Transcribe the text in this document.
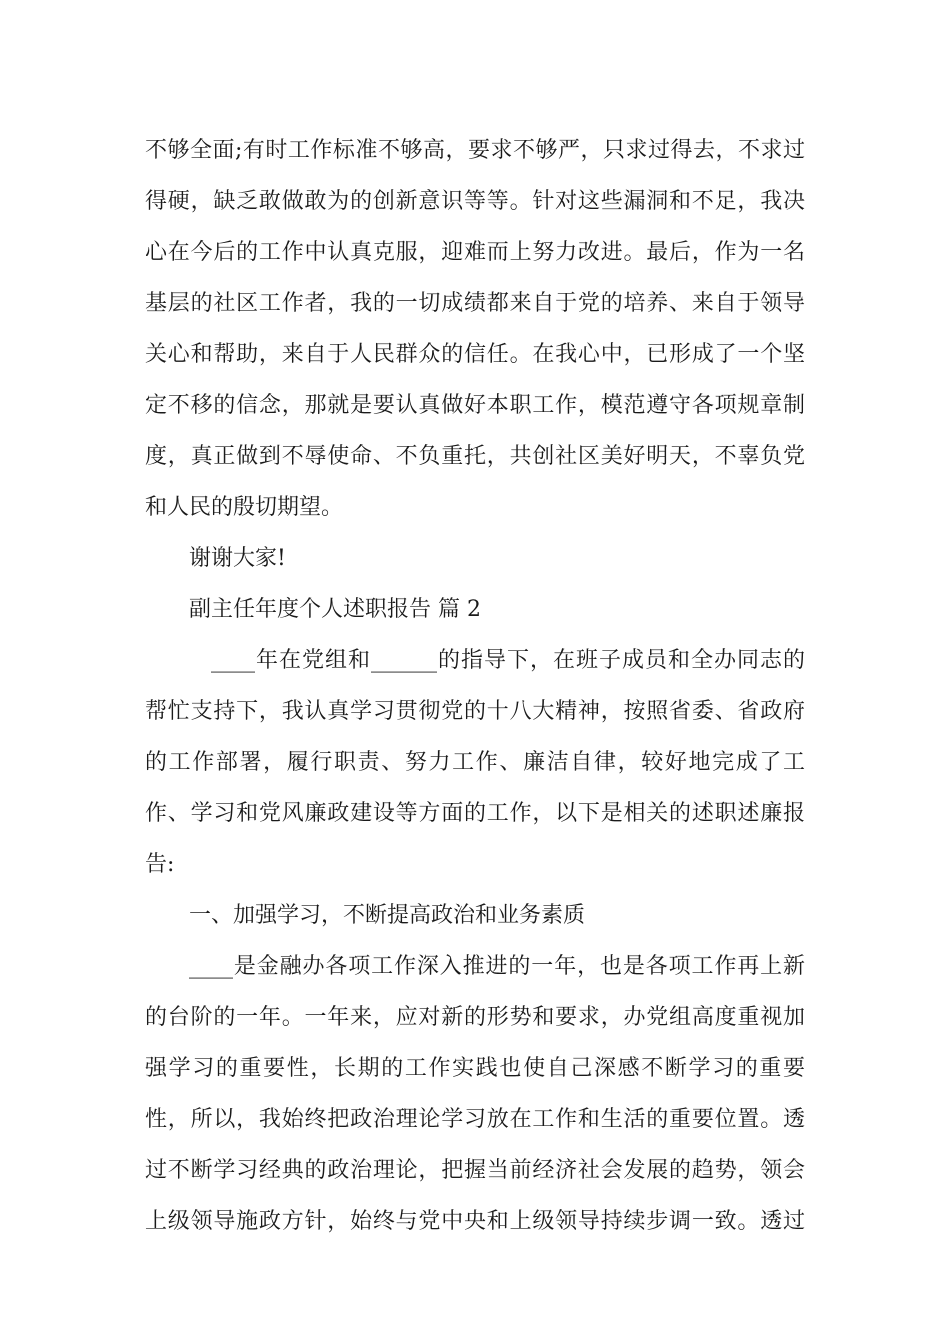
不够全面;有时工作标准不够高，要求不够严，只求过得去，不求过
得硬，缺乏敢做敢为的创新意识等等。针对这些漏洞和不足，我决
心在今后的工作中认真克服，迎难而上努力改进。最后，作为一名
基层的社区工作者，我的一切成绩都来自于党的培养、来自于领导
关心和帮助，来自于人民群众的信任。在我心中，已形成了一个坚
定不移的信念，那就是要认真做好本职工作，模范遵守各项规章制
度，真正做到不辱使命、不负重托，共创社区美好明天，不辜负党
和人民的殷切期望。
谢谢大家!
副主任年度个人述职报告 篇 2
____年在党组和______的指导下，在班子成员和全办同志的
帮忙支持下，我认真学习贯彻党的十八大精神，按照省委、省政府
的工作部署，履行职责、努力工作、廉洁自律，较好地完成了工
作、学习和党风廉政建设等方面的工作，以下是相关的述职述廉报
告:
一、加强学习，不断提高政治和业务素质
____是金融办各项工作深入推进的一年，也是各项工作再上新
的台阶的一年。一年来，应对新的形势和要求，办党组高度重视加
强学习的重要性，长期的工作实践也使自己深感不断学习的重要
性，所以，我始终把政治理论学习放在工作和生活的重要位置。透
过不断学习经典的政治理论，把握当前经济社会发展的趋势，领会
上级领导施政方针，始终与党中央和上级领导持续步调一致。透过
